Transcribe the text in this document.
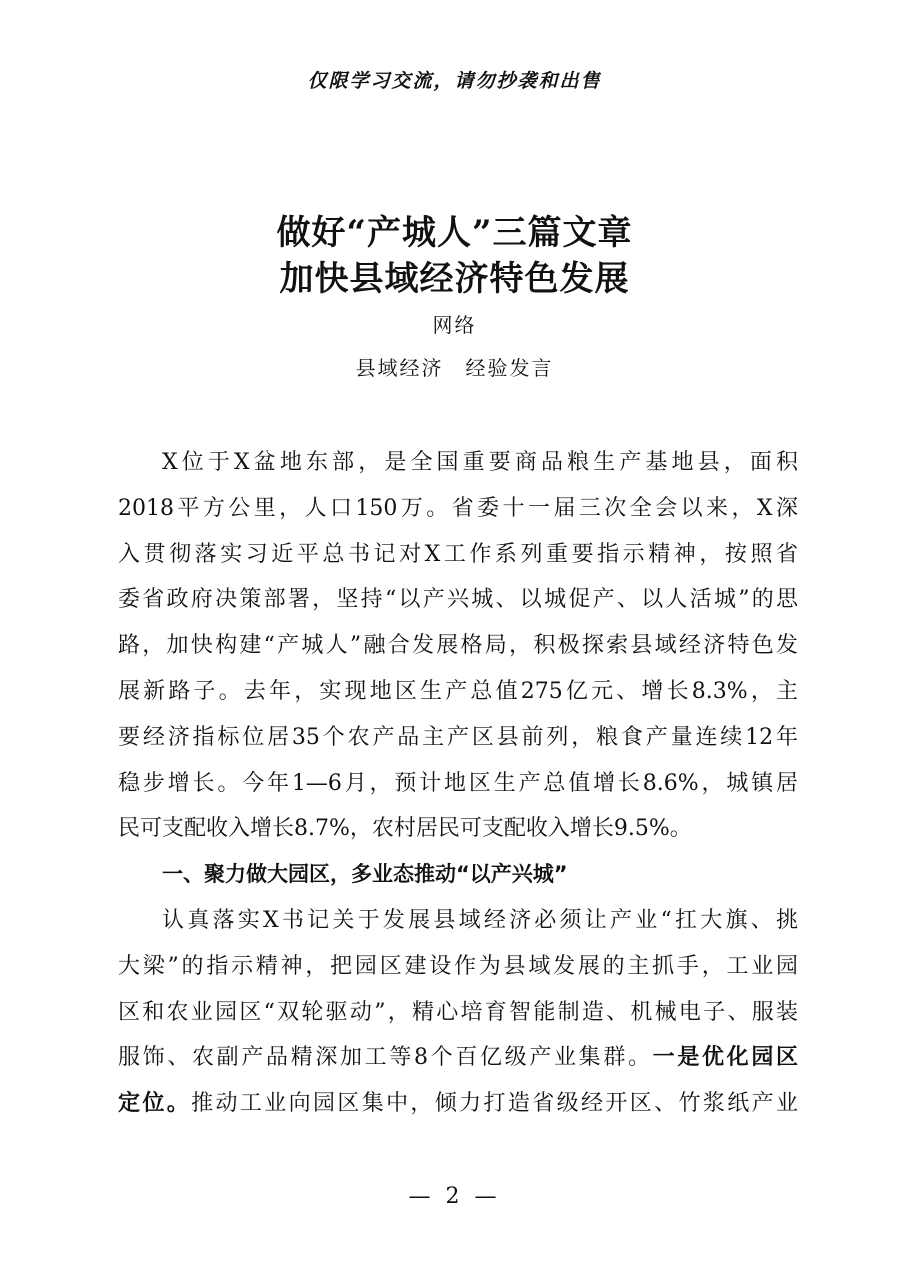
仅限学习交流，请勿抄袭和出售
做好“产城人”三篇文章
加快县域经济特色发展
网络
县域经济　经验发言
X位于X盆地东部，是全国重要商品粮生产基地县，面积
2018平方公里，人口150万。省委十一届三次全会以来，X深
入贯彻落实习近平总书记对X工作系列重要指示精神，按照省
委省政府决策部署，坚持“以产兴城、以城促产、以人活城”的思
路，加快构建“产城人”融合发展格局，积极探索县域经济特色发
展新路子。去年，实现地区生产总值275亿元、增长8.3%，主
要经济指标位居35个农产品主产区县前列，粮食产量连续12年
稳步增长。今年1—6月，预计地区生产总值增长8.6%，城镇居
民可支配收入增长8.7%，农村居民可支配收入增长9.5%。
一、聚力做大园区，多业态推动“以产兴城”
认真落实X书记关于发展县域经济必须让产业“扛大旗、挑
大梁”的指示精神，把园区建设作为县域发展的主抓手，工业园
区和农业园区“双轮驱动”，精心培育智能制造、机械电子、服装
服饰、农副产品精深加工等8个百亿级产业集群。一是优化园区
定位。推动工业向园区集中，倾力打造省级经开区、竹浆纸产业
— 2 —
